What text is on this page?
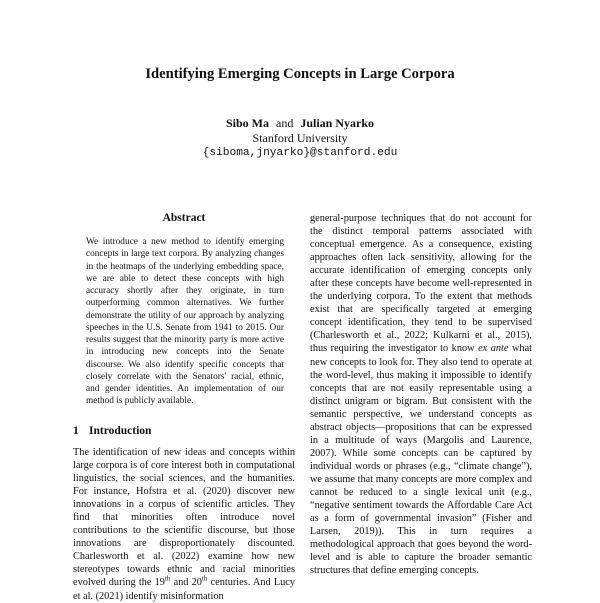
Identifying Emerging Concepts in Large Corpora
Sibo Ma and Julian Nyarko
Stanford University
{siboma,jnyarko}@stanford.edu
Abstract

We introduce a new method to identify emerging concepts in large text corpora. By analyzing changes in the heatmaps of the underlying embedding space, we are able to detect these concepts with high accuracy shortly after they originate, in turn outperforming common alternatives. We further demonstrate the utility of our approach by analyzing speeches in the U.S. Senate from 1941 to 2015. Our results suggest that the minority party is more active in introducing new concepts into the Senate discourse. We also identify specific concepts that closely correlate with the Senators' racial, ethnic, and gender identities. An implementation of our method is publicly available.

1 Introduction

The identification of new ideas and concepts within large corpora is of core interest both in computational linguistics, the social sciences, and the humanities. For instance, Hofstra et al. (2020) discover new innovations in a corpus of scientific articles. They find that minorities often introduce novel contributions to the scientific discourse, but those innovations are disproportionately discounted. Charlesworth et al. (2022) examine how new stereotypes towards ethnic and racial minorities evolved during the 19th and 20th centuries. And Lucy et al. (2021) identify misinformation

general-purpose techniques that do not account for the distinct temporal patterns associated with conceptual emergence. As a consequence, existing approaches often lack sensitivity, allowing for the accurate identification of emerging concepts only after these concepts have become well-represented in the underlying corpora. To the extent that methods exist that are specifically targeted at emerging concept identification, they tend to be supervised (Charlesworth et al., 2022; Kulkarni et al., 2015), thus requiring the investigator to know ex ante what new concepts to look for. They also tend to operate at the word-level, thus making it impossible to identify concepts that are not easily representable using a distinct unigram or bigram. But consistent with the semantic perspective, we understand concepts as abstract objects—propositions that can be expressed in a multitude of ways (Margolis and Laurence, 2007). While some concepts can be captured by individual words or phrases (e.g., “climate change”), we assume that many concepts are more complex and cannot be reduced to a single lexical unit (e.g., “negative sentiment towards the Affordable Care Act as a form of governmental invasion” (Fisher and Larsen, 2019)). This in turn requires a methodological approach that goes beyond the word-level and is able to capture the broader semantic structures that define emerging concepts.
